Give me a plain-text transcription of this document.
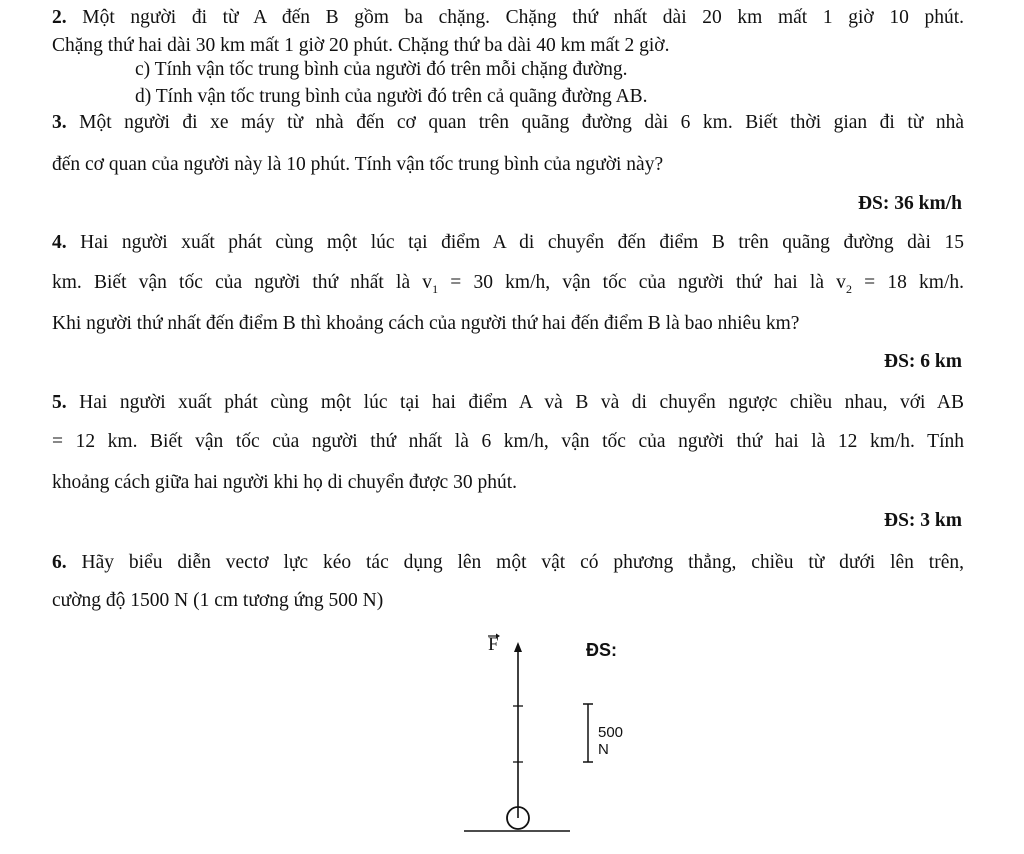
2. Một người đi từ A đến B gồm ba chặng. Chặng thứ nhất dài 20 km mất 1 giờ 10 phút.
Chặng thứ hai dài 30 km mất 1 giờ 20 phút. Chặng thứ ba dài 40 km mất 2 giờ.
c) Tính vận tốc trung bình của người đó trên mỗi chặng đường.
d) Tính vận tốc trung bình của người đó trên cả quãng đường AB.
3. Một người đi xe máy từ nhà đến cơ quan trên quãng đường dài 6 km. Biết thời gian đi từ nhà
đến cơ quan của người này là 10 phút. Tính vận tốc trung bình của người này?
ĐS: 36 km/h
4. Hai người xuất phát cùng một lúc tại điểm A di chuyển đến điểm B trên quãng đường dài 15
km. Biết vận tốc của người thứ nhất là $v_1 = 30$ km/h, vận tốc của người thứ hai là $v_2 = 18$ km/h.
Khi người thứ nhất đến điểm B thì khoảng cách của người thứ hai đến điểm B là bao nhiêu km?
ĐS: 6 km
5. Hai người xuất phát cùng một lúc tại hai điểm A và B và di chuyển ngược chiều nhau, với AB
= 12 km. Biết vận tốc của người thứ nhất là 6 km/h, vận tốc của người thứ hai là 12 km/h. Tính
khoảng cách giữa hai người khi họ di chuyển được 30 phút.
ĐS: 3 km
6. Hãy biểu diễn vectơ lực kéo tác dụng lên một vật có phương thẳng, chiều từ dưới lên trên,
cường độ 1500 N (1 cm tương ứng 500 N)
F	ĐS:
500 N
